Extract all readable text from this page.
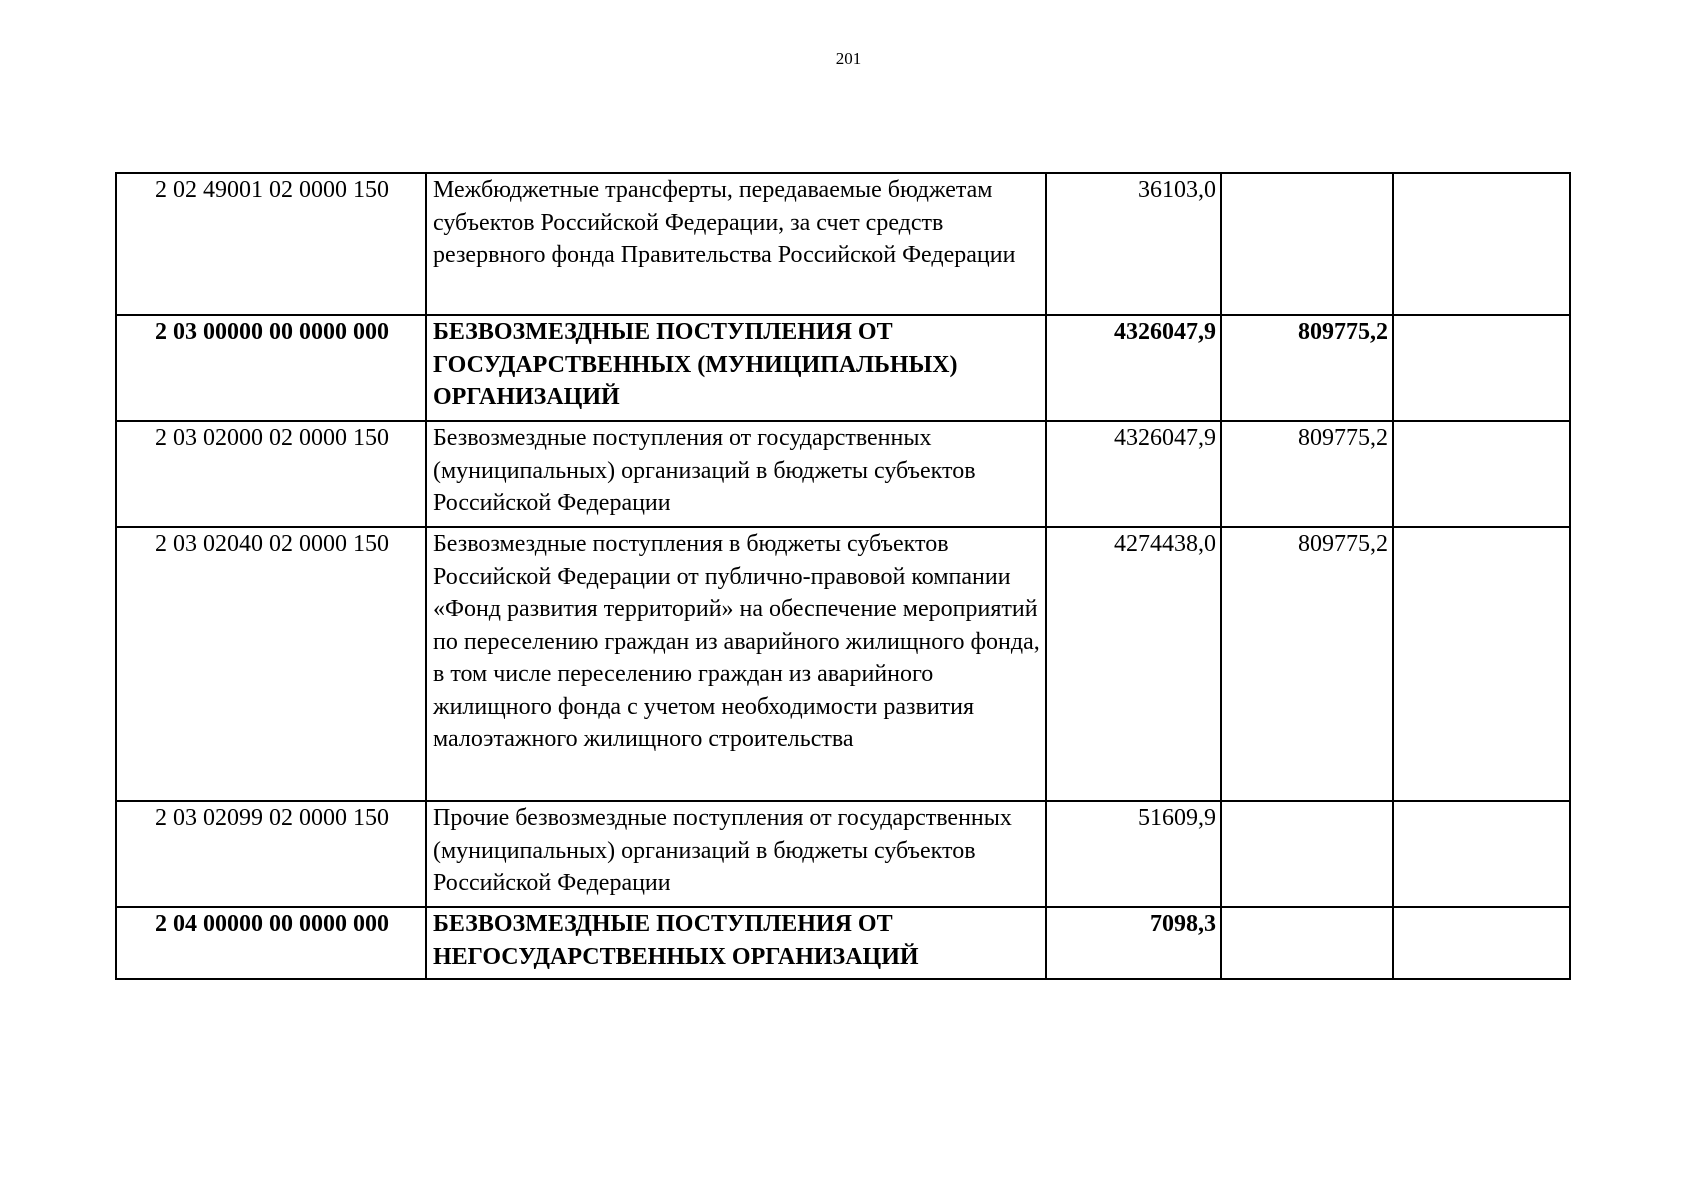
201
2 02 49001 02 0000 150	Межбюджетные трансферты, передаваемые бюджетам субъектов Российской Федерации, за счет средств резервного фонда Правительства Российской Федерации	36103,0		
2 03 00000 00 0000 000	БЕЗВОЗМЕЗДНЫЕ ПОСТУПЛЕНИЯ ОТ ГОСУДАРСТВЕННЫХ (МУНИЦИПАЛЬНЫХ) ОРГАНИЗАЦИЙ	4326047,9	809775,2	
2 03 02000 02 0000 150	Безвозмездные поступления от государственных (муниципальных) организаций в бюджеты субъектов Российской Федерации	4326047,9	809775,2	
2 03 02040 02 0000 150	Безвозмездные поступления в бюджеты субъектов Российской Федерации от публично-правовой компании «Фонд развития территорий» на обеспечение мероприятий по переселению граждан из аварийного жилищного фонда, в том числе переселению граждан из аварийного жилищного фонда с учетом необходимости развития малоэтажного жилищного строительства	4274438,0	809775,2	
2 03 02099 02 0000 150	Прочие безвозмездные поступления от государственных (муниципальных) организаций в бюджеты субъектов Российской Федерации	51609,9		
2 04 00000 00 0000 000	БЕЗВОЗМЕЗДНЫЕ ПОСТУПЛЕНИЯ ОТ НЕГОСУДАРСТВЕННЫХ ОРГАНИЗАЦИЙ	7098,3		
